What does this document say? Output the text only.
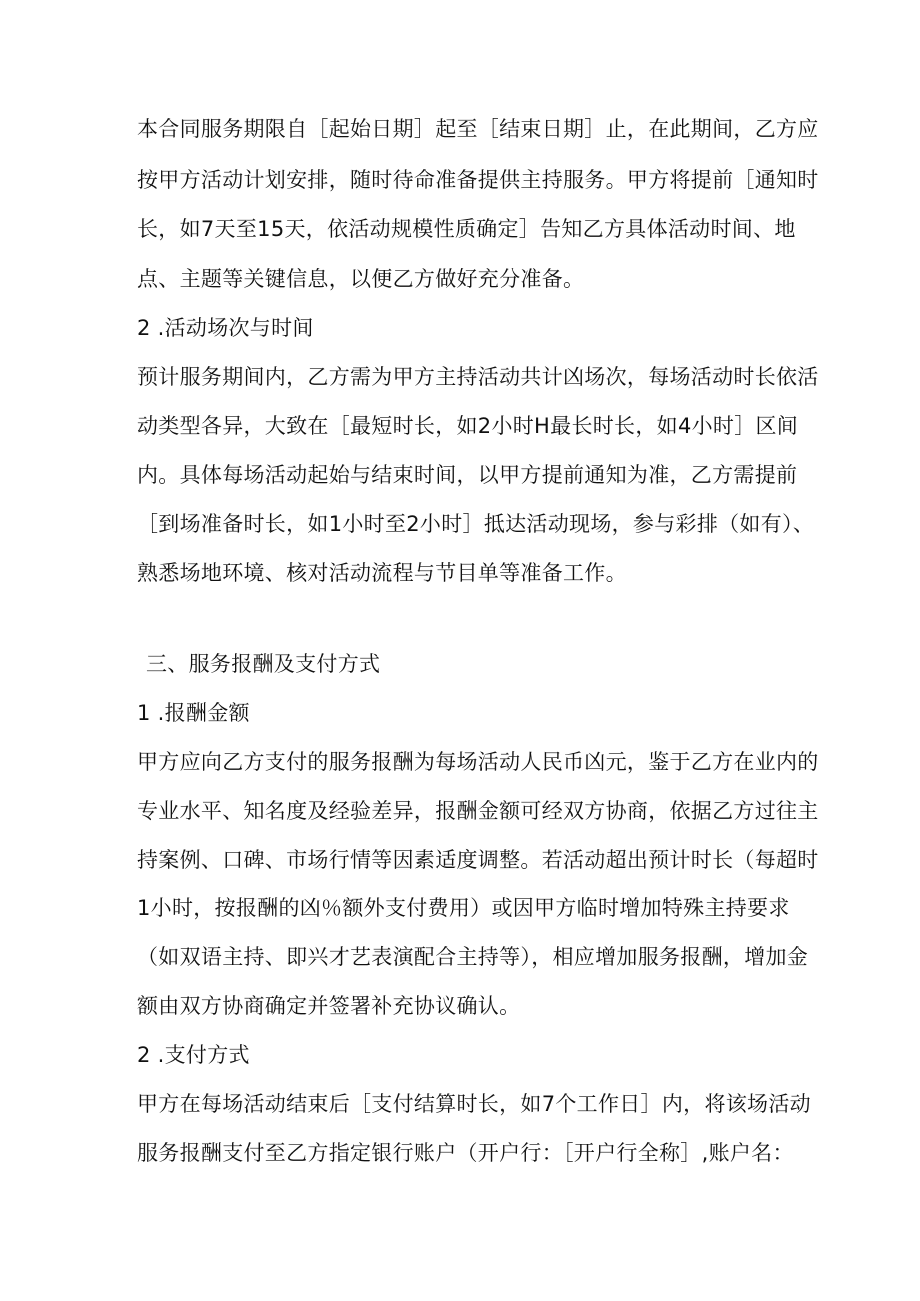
本合同服务期限自［起始日期］起至［结束日期］止，在此期间，乙方应

按甲方活动计划安排，随时待命准备提供主持服务。甲方将提前［通知时

长，如7天至15天，依活动规模性质确定］告知乙方具体活动时间、地

点、主题等关键信息，以便乙方做好充分准备。

2 .活动场次与时间

预计服务期间内，乙方需为甲方主持活动共计凶场次，每场活动时长依活

动类型各异，大致在［最短时长，如2小时H最长时长，如4小时］区间

内。具体每场活动起始与结束时间，以甲方提前通知为准，乙方需提前

［到场准备时长，如1小时至2小时］抵达活动现场，参与彩排（如有）、

熟悉场地环境、核对活动流程与节目单等准备工作。

三、服务报酬及支付方式

1 .报酬金额

甲方应向乙方支付的服务报酬为每场活动人民币凶元，鉴于乙方在业内的

专业水平、知名度及经验差异，报酬金额可经双方协商，依据乙方过往主

持案例、口碑、市场行情等因素适度调整。若活动超出预计时长（每超时

1小时，按报酬的凶％额外支付费用）或因甲方临时增加特殊主持要求

（如双语主持、即兴才艺表演配合主持等），相应增加服务报酬，增加金

额由双方协商确定并签署补充协议确认。

2 .支付方式

甲方在每场活动结束后［支付结算时长，如7个工作日］内，将该场活动

服务报酬支付至乙方指定银行账户（开户行：［开户行全称］,账户名：
